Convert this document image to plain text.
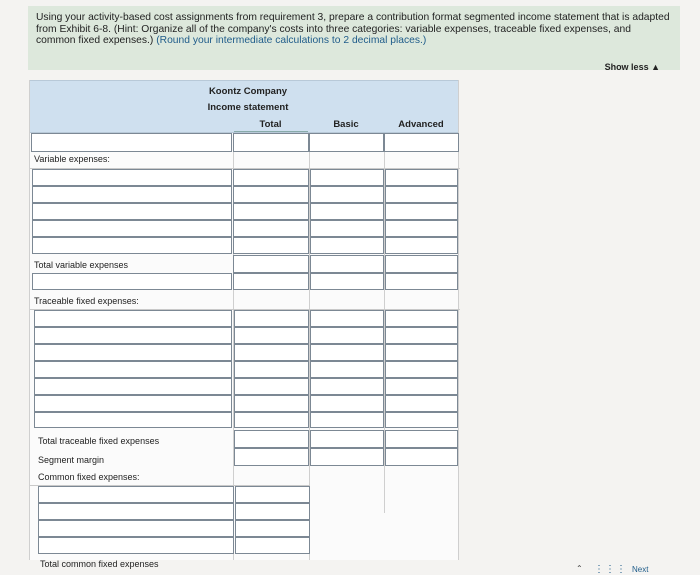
Using your activity-based cost assignments from requirement 3, prepare a contribution format segmented income statement that is adapted from Exhibit 6-8. (Hint: Organize all of the company's costs into three categories: variable expenses, traceable fixed expenses, and common fixed expenses.) (Round your intermediate calculations to 2 decimal places.)
Show less ▲
Koontz Company
Income statement
Total	Basic	Advanced
Variable expenses:
Total variable expenses
Traceable fixed expenses:
Total traceable fixed expenses
Segment margin
Common fixed expenses:
Total common fixed expenses	⌃ ⋮⋮⋮ Next
